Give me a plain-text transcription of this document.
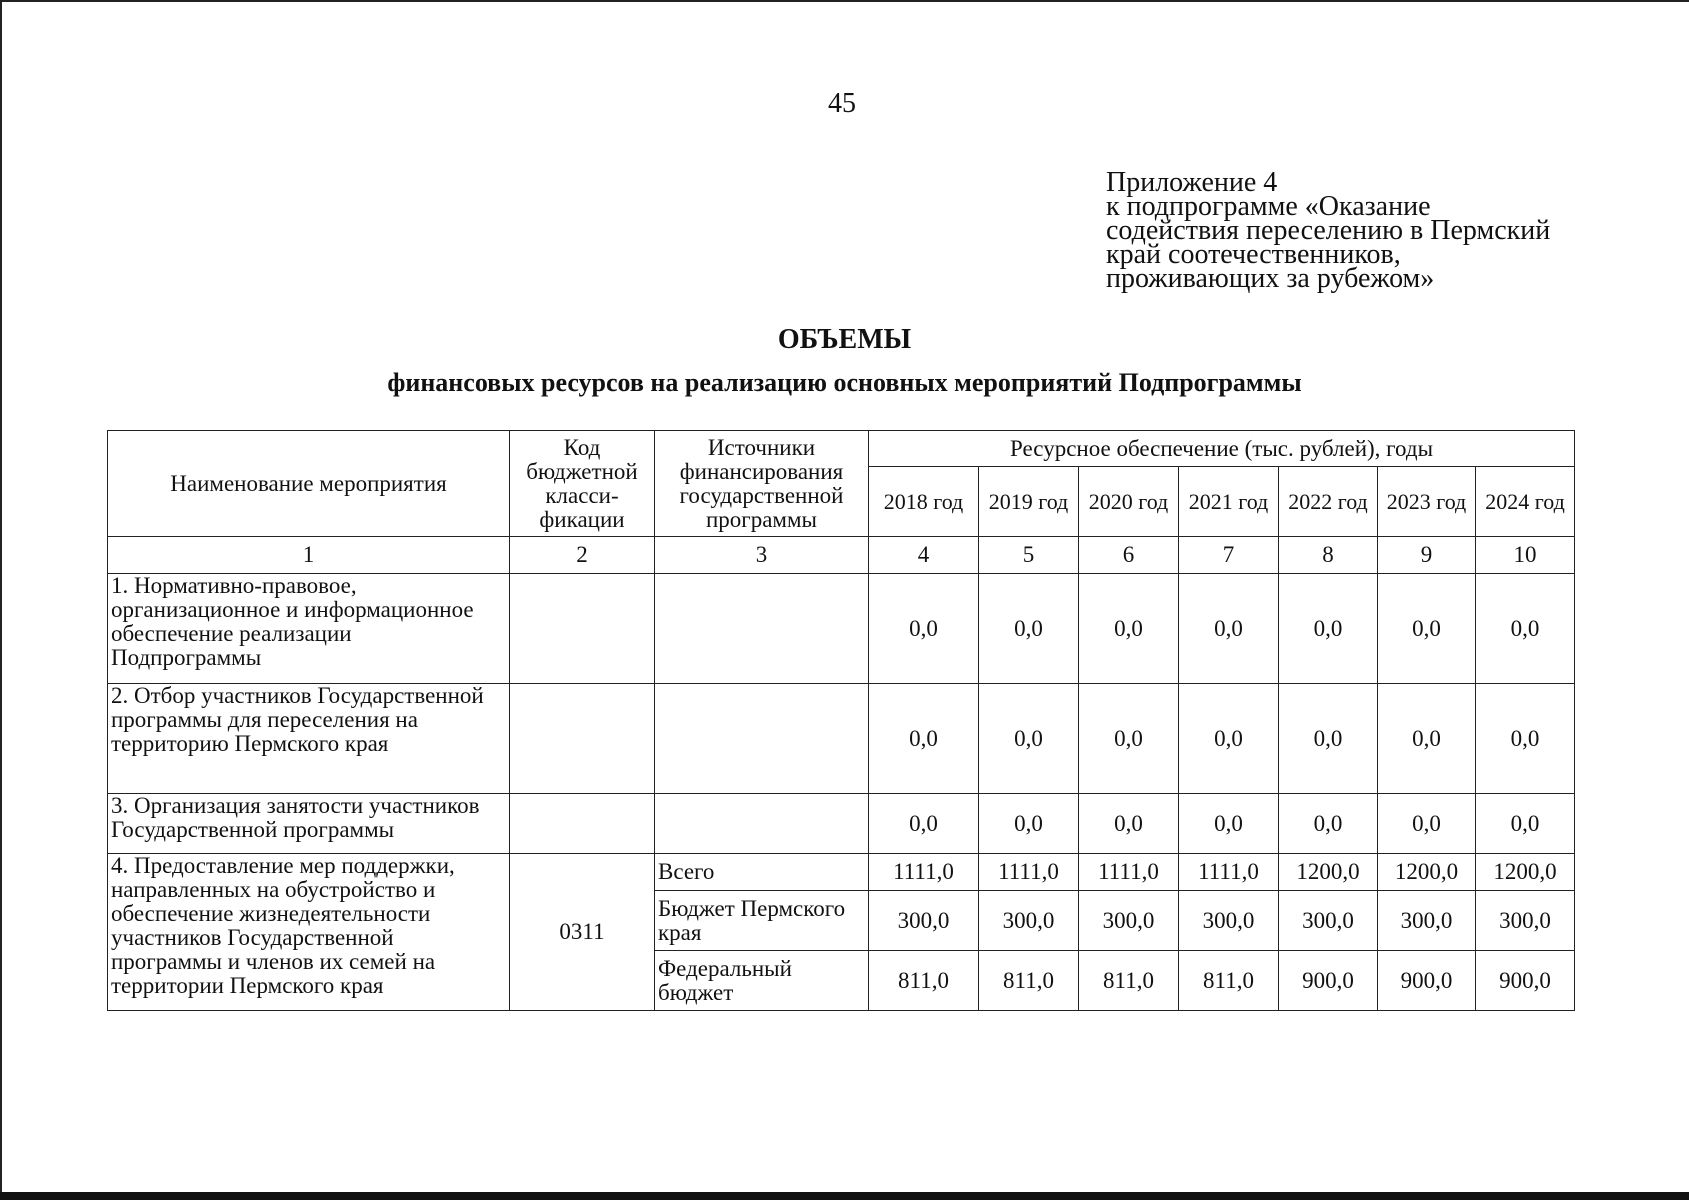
45
Приложение 4
к подпрограмме «Оказание
содействия переселению в Пермский
край соотечественников,
проживающих за рубежом»
ОБЪЕМЫ
финансовых ресурсов на реализацию основных мероприятий Подпрограммы
Наименование мероприятия	Код бюджетной класси-фикации	Источники финансирования государственной программы	Ресурсное обеспечение (тыс. рублей), годы						
			2018 год	2019 год	2020 год	2021 год	2022 год	2023 год	2024 год
1	2	3	4	5	6	7	8	9	10
1. Нормативно-правовое, организационное и информационное обеспечение реализации Подпрограммы			0,0	0,0	0,0	0,0	0,0	0,0	0,0
2. Отбор участников Государственной программы для переселения на территорию Пермского края			0,0	0,0	0,0	0,0	0,0	0,0	0,0
3. Организация занятости участников Государственной программы			0,0	0,0	0,0	0,0	0,0	0,0	0,0
4. Предоставление мер поддержки, направленных на обустройство и обеспечение жизнедеятельности участников Государственной программы и членов их семей на территории Пермского края	0311	Всего	1111,0	1111,0	1111,0	1111,0	1200,0	1200,0	1200,0
		Бюджет Пермского края	300,0	300,0	300,0	300,0	300,0	300,0	300,0
		Федеральный бюджет	811,0	811,0	811,0	811,0	900,0	900,0	900,0
